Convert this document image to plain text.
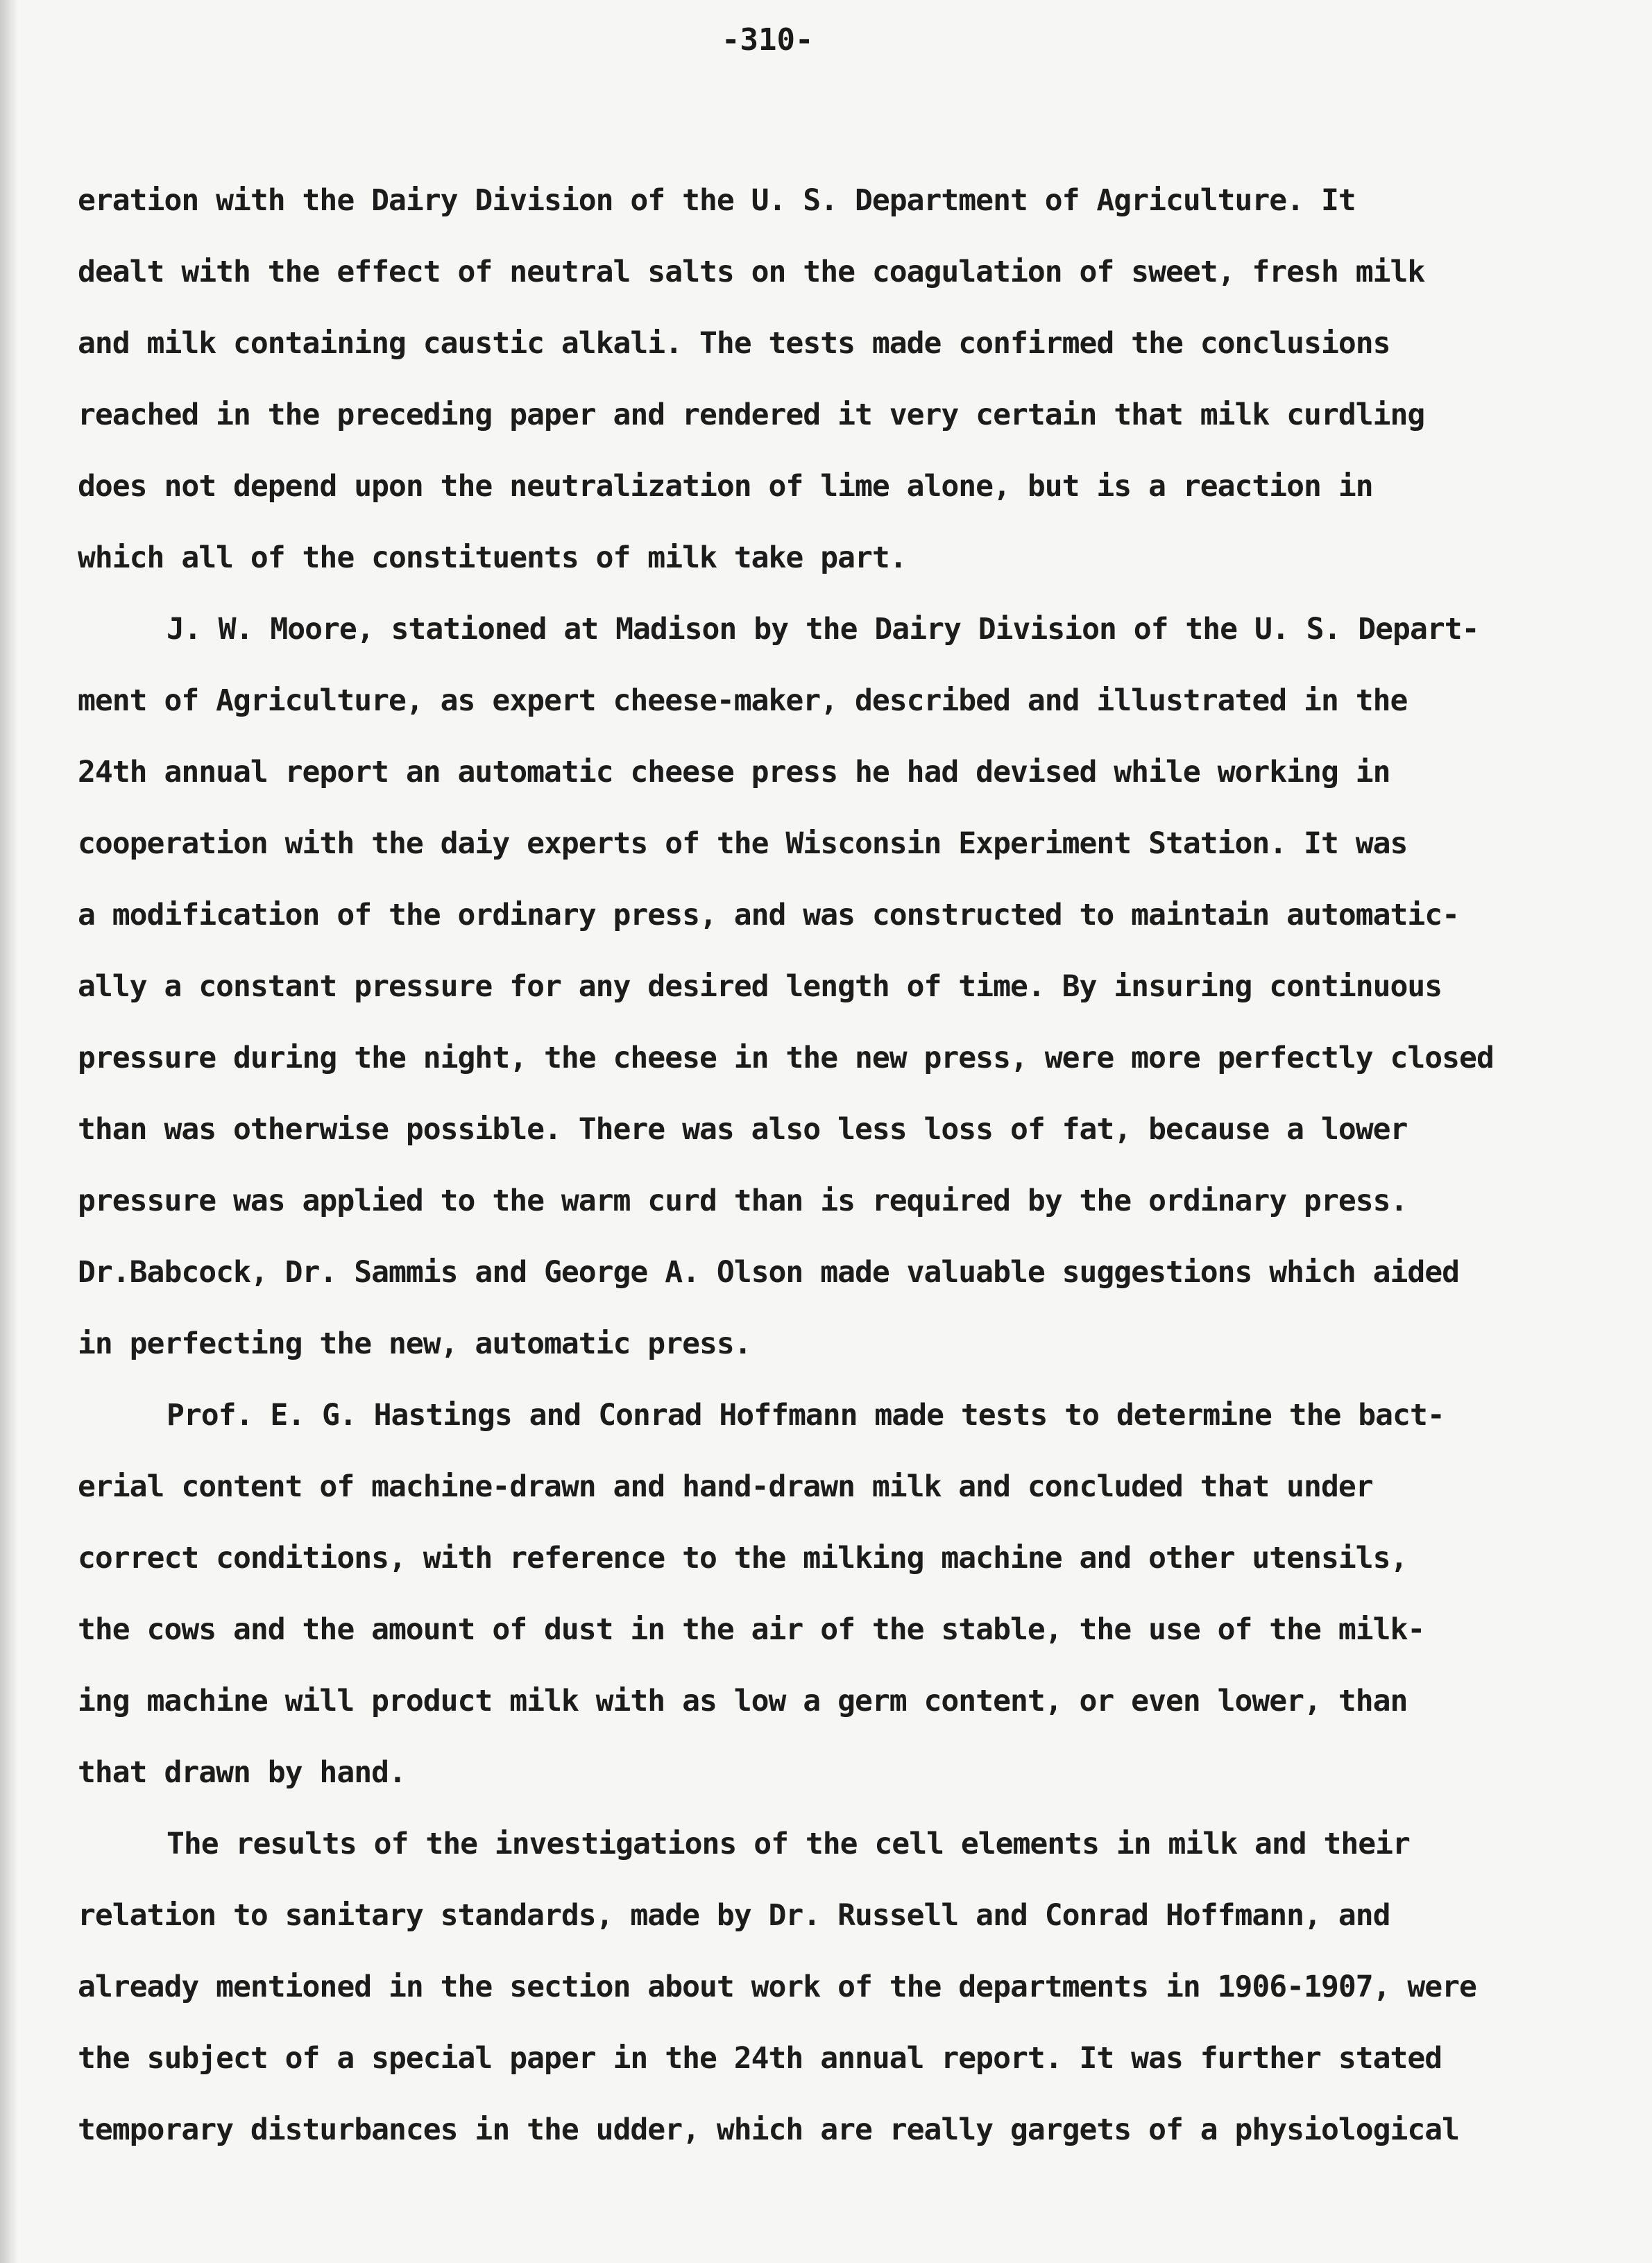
-310-

eration with the Dairy Division of the U. S. Department of Agriculture. It
dealt with the effect of neutral salts on the coagulation of sweet, fresh milk
and milk containing caustic alkali. The tests made confirmed the conclusions
reached in the preceding paper and rendered it very certain that milk curdling
does not depend upon the neutralization of lime alone, but is a reaction in
which all of the constituents of milk take part.
J. W. Moore, stationed at Madison by the Dairy Division of the U. S. Depart-
ment of Agriculture, as expert cheese-maker, described and illustrated in the
24th annual report an automatic cheese press he had devised while working in
cooperation with the daiy experts of the Wisconsin Experiment Station. It was
a modification of the ordinary press, and was constructed to maintain automatic-
ally a constant pressure for any desired length of time. By insuring continuous
pressure during the night, the cheese in the new press, were more perfectly closed
than was otherwise possible. There was also less loss of fat, because a lower
pressure was applied to the warm curd than is required by the ordinary press.
Dr.Babcock, Dr. Sammis and George A. Olson made valuable suggestions which aided
in perfecting the new, automatic press.
Prof. E. G. Hastings and Conrad Hoffmann made tests to determine the bact-
erial content of machine-drawn and hand-drawn milk and concluded that under
correct conditions, with reference to the milking machine and other utensils,
the cows and the amount of dust in the air of the stable, the use of the milk-
ing machine will product milk with as low a germ content, or even lower, than
that drawn by hand.
The results of the investigations of the cell elements in milk and their
relation to sanitary standards, made by Dr. Russell and Conrad Hoffmann, and
already mentioned in the section about work of the departments in 1906-1907, were
the subject of a special paper in the 24th annual report. It was further stated
temporary disturbances in the udder, which are really gargets of a physiological
